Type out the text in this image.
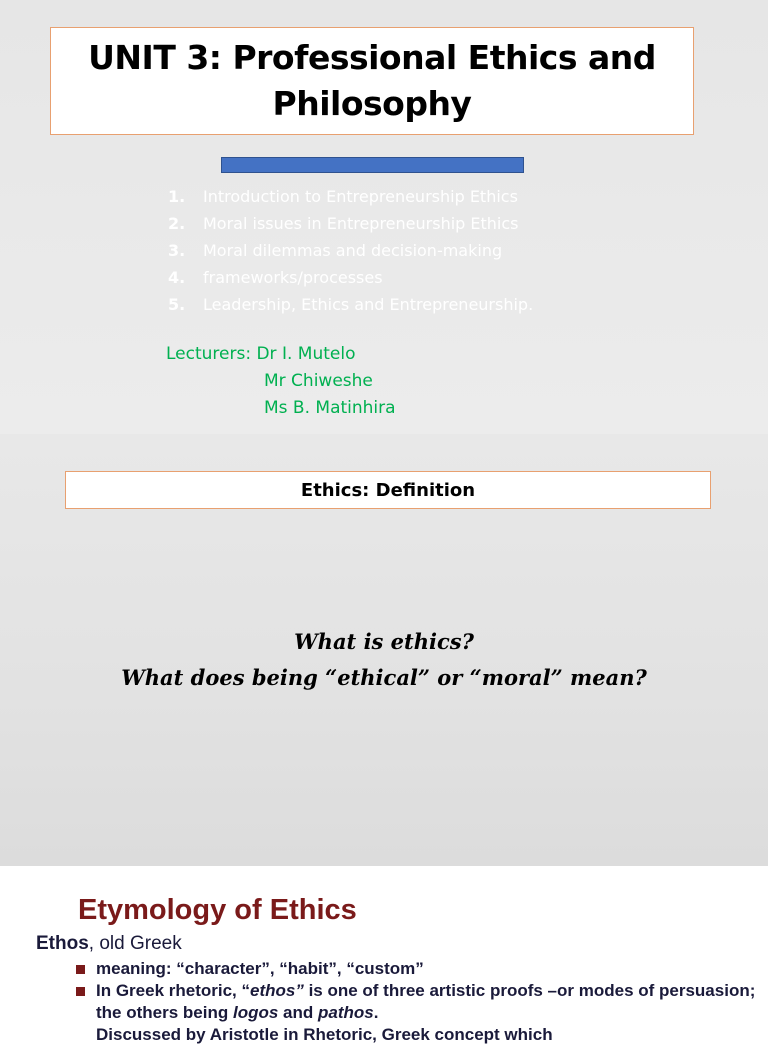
UNIT 3: Professional Ethics and
Philosophy
1. Introduction to Entrepreneurship Ethics
2. Moral issues in Entrepreneurship Ethics
3. Moral dilemmas and decision-making
4. frameworks/processes
5. Leadership, Ethics and Entrepreneurship.
Lecturers: Dr I. Mutelo
Mr Chiweshe
Ms B. Matinhira
Ethics: Definition
What is ethics?
What does being “ethical” or “moral” mean?
Etymology of Ethics
Ethos, old Greek
meaning: “character”, “habit”, “custom”
In Greek rhetoric, “ethos” is one of three artistic proofs –or modes of persuasion; the others being logos and pathos.
Discussed by Aristotle in Rhetoric, Greek concept which
